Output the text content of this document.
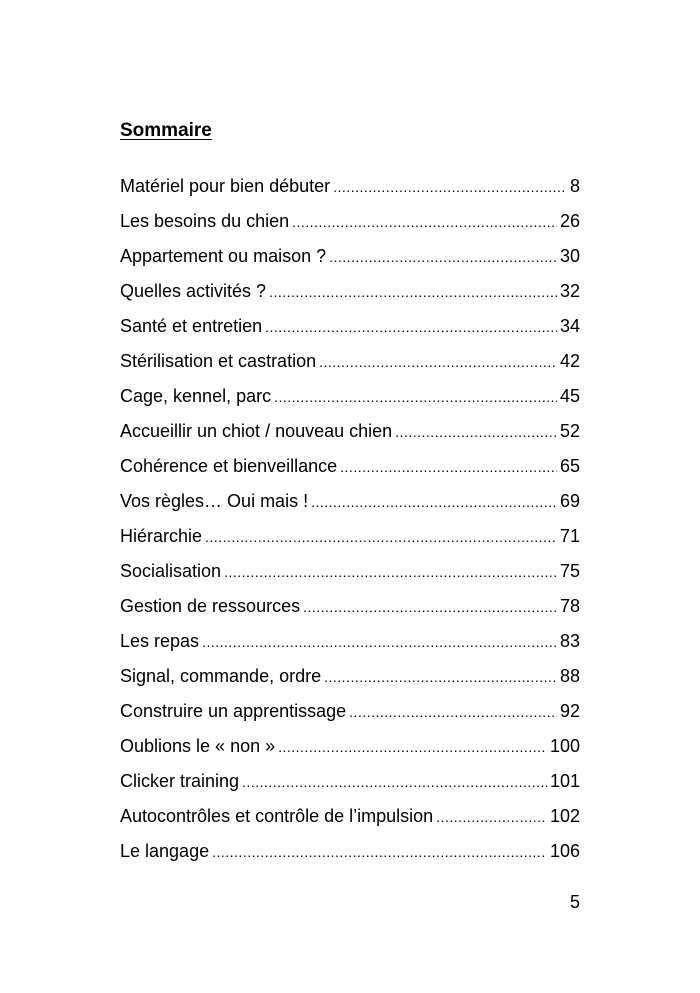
Sommaire
Matériel pour bien débuter .....	8
Les besoins du chien .....	26
Appartement ou maison ? .....	30
Quelles activités ? .....	32
Santé et entretien .....	34
Stérilisation et castration .....	42
Cage, kennel, parc .....	45
Accueillir un chiot / nouveau chien .....	52
Cohérence et bienveillance .....	65
Vos règles… Oui mais ! .....	69
Hiérarchie .....	71
Socialisation .....	75
Gestion de ressources .....	78
Les repas .....	83
Signal, commande, ordre .....	88
Construire un apprentissage .....	92
Oublions le « non » .....	100
Clicker training .....	101
Autocontrôles et contrôle de l’impulsion .....	102
Le langage .....	106
5
